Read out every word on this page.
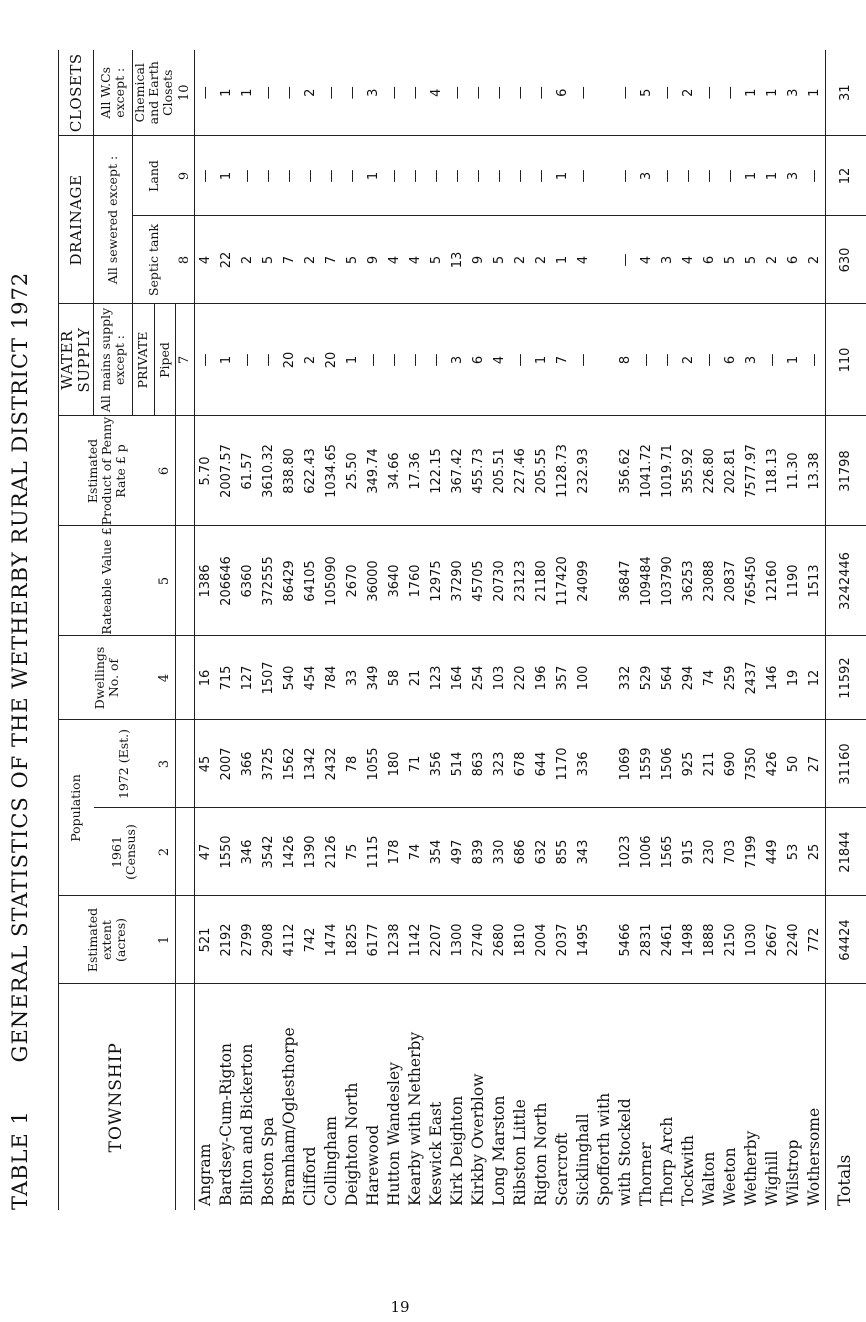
TABLE 1 GENERAL STATISTICS OF THE WETHERBY RURAL DISTRICT 1972
TOWNSHIP	Estimated extent (acres)	Population		Dwellings No. of	Rateable Value £	Estimated Product of Penny Rate £ p	WATER SUPPLY	DRAINAGE		CLOSETS
		1961 (Census)	1972 (Est.)				All mains supply except :	All sewered except :		All W.Cs except :
							PRIVATE	Septic tank	Land	Chemical and Earth Closets
	1	2	3	4	5	6	Piped			
							7	8	9	10
Angram	521	47	45	16	1386	5.70	—	4	—	—
Bardsey-Cum-Rigton	2192	1550	2007	715	206646	2007.57	1	22	1	1
Bilton and Bickerton	2799	346	366	127	6360	61.57	—	2	—	1
Boston Spa	2908	3542	3725	1507	372555	3610.32	—	5	—	—
Bramham/Oglesthorpe	4112	1426	1562	540	86429	838.80	20	7	—	—
Clifford	742	1390	1342	454	64105	622.43	2	2	—	2
Collingham	1474	2126	2432	784	105090	1034.65	20	7	—	—
Deighton North	1825	75	78	33	2670	25.50	1	5	—	—
Harewood	6177	1115	1055	349	36000	349.74	—	9	1	3
Hutton Wandesley	1238	178	180	58	3640	34.66	—	4	—	—
Kearby with Netherby	1142	74	71	21	1760	17.36	—	4	—	—
Keswick East	2207	354	356	123	12975	122.15	—	5	—	4
Kirk Deighton	1300	497	514	164	37290	367.42	3	13	—	—
Kirkby Overblow	2740	839	863	254	45705	455.73	6	9	—	—
Long Marston	2680	330	323	103	20730	205.51	4	5	—	—
Ribston Little	1810	686	678	220	23123	227.46	—	2	—	—
Rigton North	2004	632	644	196	21180	205.55	1	2	—	—
Scarcroft	2037	855	1170	357	117420	1128.73	7	1	1	6
Sicklinghall	1495	343	336	100	24099	232.93	—	4	—	—
Spofforth with										
with Stockeld	5466	1023	1069	332	36847	356.62	8	—	—	—
Thorner	2831	1006	1559	529	109484	1041.72	—	4	3	5
Thorp Arch	2461	1565	1506	564	103790	1019.71	—	3	—	—
Tockwith	1498	915	925	294	36253	355.92	2	4	—	2
Walton	1888	230	211	74	23088	226.80	—	6	—	—
Weeton	2150	703	690	259	20837	202.81	6	5	—	—
Wetherby	1030	7199	7350	2437	765450	7577.97	3	5	1	1
Wighill	2667	449	426	146	12160	118.13	—	2	1	1
Wilstrop	2240	53	50	19	1190	11.30	1	6	3	3
Wothersome	772	25	27	12	1513	13.38	—	2	—	1
Totals	64424	21844	31160	11592	3242446	31798	110	630	12	31
19
